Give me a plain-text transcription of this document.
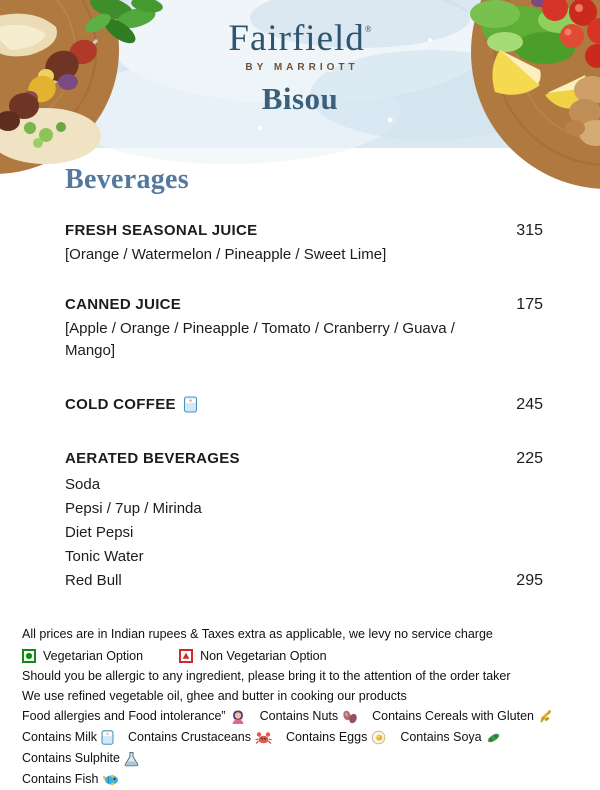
Fairfield®
BY MARRIOTT
Bisou
Beverages
FRESH SEASONAL JUICE	315
[Orange / Watermelon / Pineapple / Sweet Lime]
CANNED JUICE	175
[Apple / Orange / Pineapple / Tomato / Cranberry / Guava / Mango]
COLD COFFEE	245
AERATED BEVERAGES	225
Soda
Pepsi / 7up / Mirinda
Diet Pepsi
Tonic Water
Red Bull	295
All prices are in Indian rupees & Taxes extra as applicable, we levy no service charge
Vegetarian Option	Non Vegetarian Option
Should you be allergic to any ingredient, please bring it to the attention of the order taker
We use refined vegetable oil, ghee and butter in cooking our products
Food allergies and Food intolerance”	Contains Nuts	Contains Cereals with Gluten
Contains Milk Contains Crustaceans	Contains Eggs	Contains Soya
Contains Sulphite
Contains Fish
